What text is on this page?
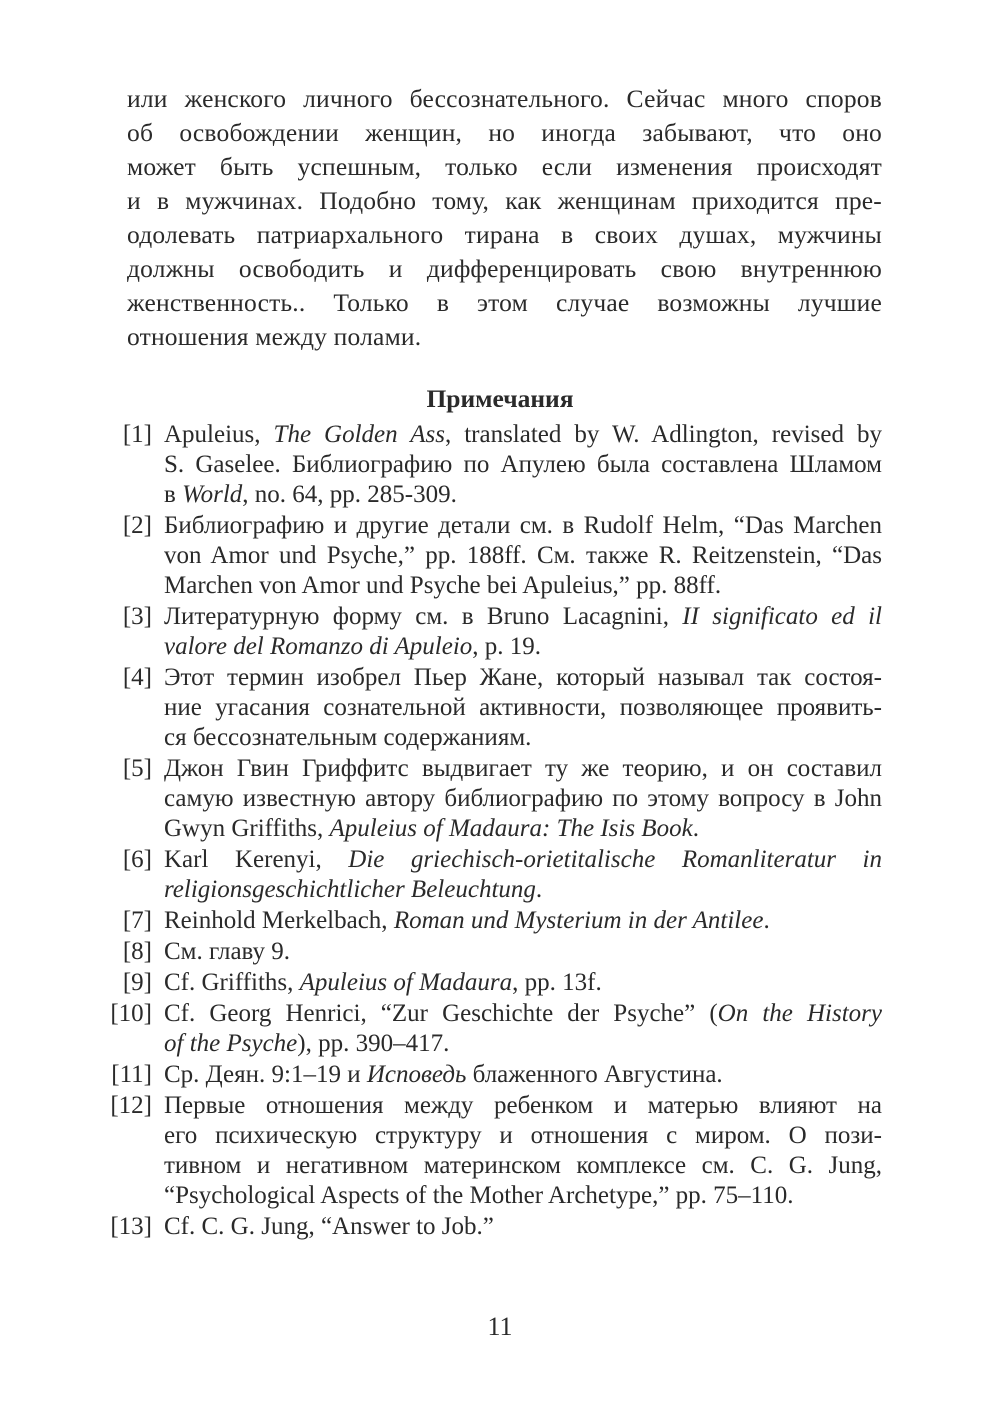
или женского личного бессознательного. Сейчас много споров
об освобождении женщин, но иногда забывают, что оно
может быть успешным, только если изменения происходят
и в мужчинах. Подобно тому, как женщинам приходится пре-
одолевать патриархального тирана в своих душах, мужчины
должны освободить и дифференцировать свою внутреннюю
женственность.. Только в этом случае возможны лучшие
отношения между полами.
Примечания
[1] Apuleius, The Golden Ass, translated by W. Adlington, revised by
S. Gaselee. Библиографию по Апулею была составлена Шламом
в World, no. 64, pp. 285-309.
[2] Библиографию и другие детали см. в Rudolf Helm, “Das Marchen
von Amor und Psyche,” pp. 188ff. См. также R. Reitzenstein, “Das
Marchen von Amor und Psyche bei Apuleius,” pp. 88ff.
[3] Литературную форму см. в Bruno Lacagnini, II significato ed il
valore del Romanzo di Apuleio, p. 19.
[4] Этот термин изобрел Пьер Жане, который называл так состоя-
ние угасания сознательной активности, позволяющее проявить-
ся бессознательным содержаниям.
[5] Джон Гвин Гриффитс выдвигает ту же теорию, и он составил
самую известную автору библиографию по этому вопросу в John
Gwyn Griffiths, Apuleius of Madaura: The Isis Book.
[6] Karl Kerenyi, Die griechisch-orietitalische Romanliteratur in
religionsgeschichtlicher Beleuchtung.
[7] Reinhold Merkelbach, Roman und Mysterium in der Antilee.
[8] См. главу 9.
[9] Cf. Griffiths, Apuleius of Madaura, pp. 13f.
[10] Cf. Georg Henrici, “Zur Geschichte der Psyche” (On the History
of the Psyche), pp. 390–417.
[11] Ср. Деян. 9:1–19 и Исповедь блаженного Августина.
[12] Первые отношения между ребенком и матерью влияют на
его психическую структуру и отношения с миром. О пози-
тивном и негативном материнском комплексе см. C. G. Jung,
“Psychological Aspects of the Mother Archetype,” pp. 75–110.
[13] Cf. C. G. Jung, “Answer to Job.”
11
